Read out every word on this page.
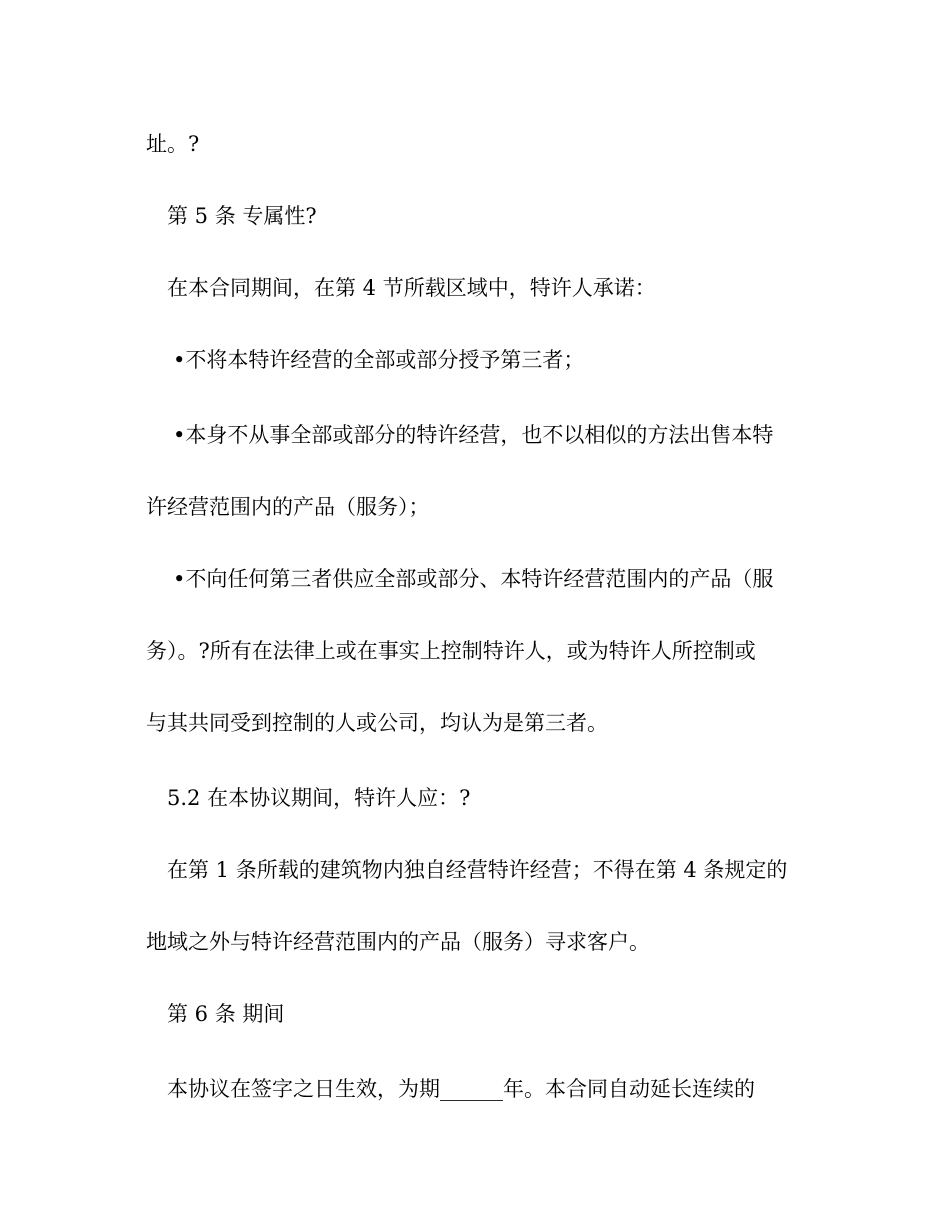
址。?
第 5 条 专属性?
在本合同期间，在第 4 节所载区域中，特许人承诺：
•不将本特许经营的全部或部分授予第三者；
•本身不从事全部或部分的特许经营，也不以相似的方法出售本特
许经营范围内的产品（服务）；
•不向任何第三者供应全部或部分、本特许经营范围内的产品（服
务）。?所有在法律上或在事实上控制特许人，或为特许人所控制或
与其共同受到控制的人或公司，均认为是第三者。
5.2 在本协议期间，特许人应：?
在第 1 条所载的建筑物内独自经营特许经营；不得在第 4 条规定的
地域之外与特许经营范围内的产品（服务）寻求客户。
第 6 条 期间
本协议在签字之日生效，为期______年。本合同自动延长连续的
